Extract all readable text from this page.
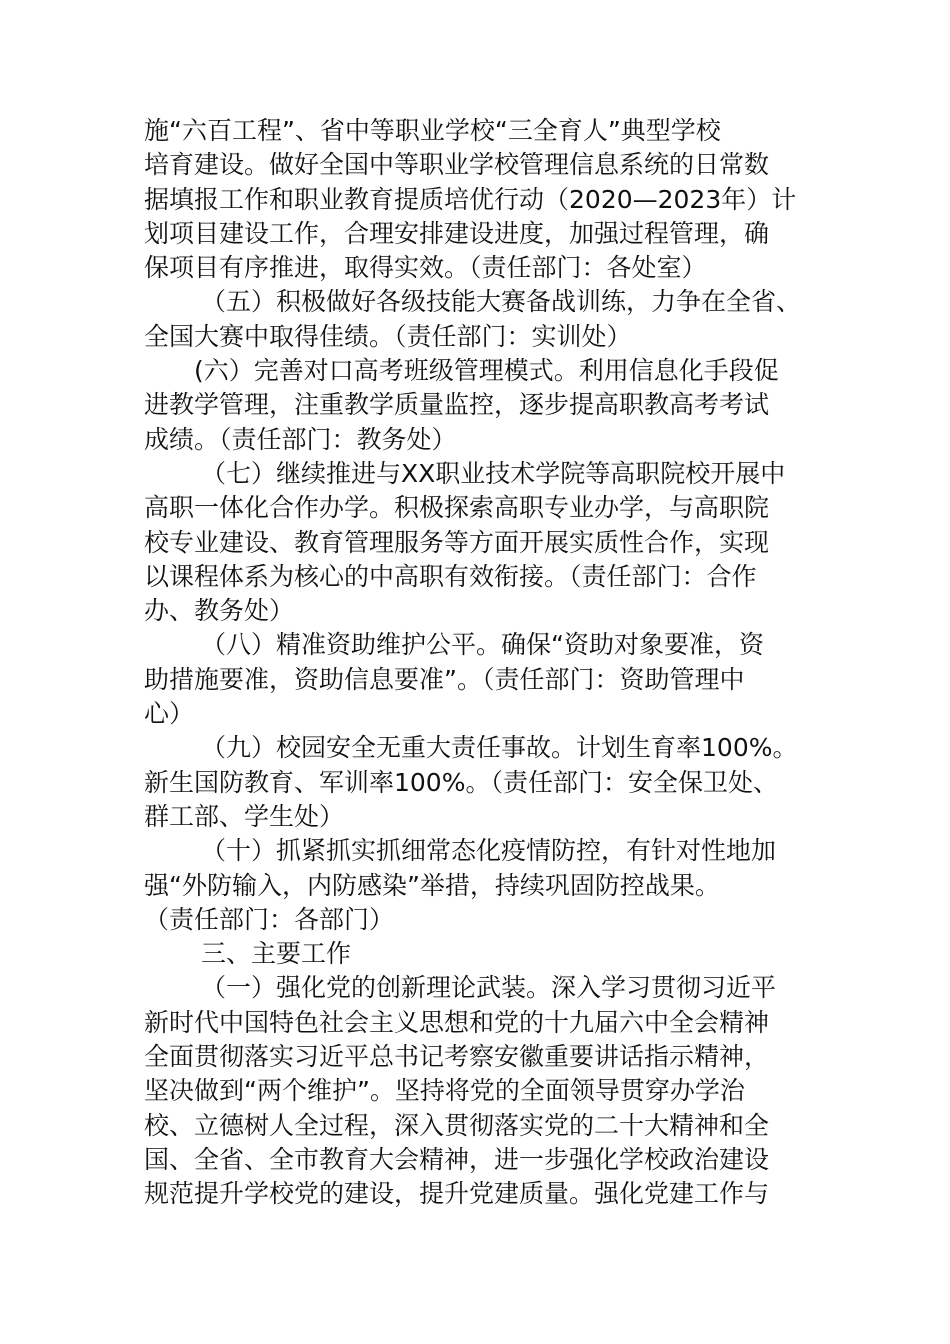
施“六百工程”、省中等职业学校“三全育人”典型学校
培育建设。做好全国中等职业学校管理信息系统的日常数
据填报工作和职业教育提质培优行动（2020—2023年）计
划项目建设工作，合理安排建设进度，加强过程管理，确
保项目有序推进，取得实效。（责任部门：各处室）
（五）积极做好各级技能大赛备战训练，力争在全省、
全国大赛中取得佳绩。（责任部门：实训处）
(六）完善对口高考班级管理模式。利用信息化手段促
进教学管理，注重教学质量监控，逐步提高职教高考考试
成绩。（责任部门：教务处）
（七）继续推进与XX职业技术学院等高职院校开展中
高职一体化合作办学。积极探索高职专业办学，与高职院
校专业建设、教育管理服务等方面开展实质性合作，实现
以课程体系为核心的中高职有效衔接。（责任部门：合作
办、教务处）
（八）精准资助维护公平。确保“资助对象要准，资
助措施要准，资助信息要准”。（责任部门：资助管理中
心）
（九）校园安全无重大责任事故。计划生育率100%。
新生国防教育、军训率100%。（责任部门：安全保卫处、
群工部、学生处）
（十）抓紧抓实抓细常态化疫情防控，有针对性地加
强“外防输入，内防感染”举措，持续巩固防控战果。
（责任部门：各部门）
三、主要工作
（一）强化党的创新理论武装。深入学习贯彻习近平
新时代中国特色社会主义思想和党的十九届六中全会精神
全面贯彻落实习近平总书记考察安徽重要讲话指示精神，
坚决做到“两个维护”。坚持将党的全面领导贯穿办学治
校、立德树人全过程，深入贯彻落实党的二十大精神和全
国、全省、全市教育大会精神，进一步强化学校政治建设
规范提升学校党的建设，提升党建质量。强化党建工作与
